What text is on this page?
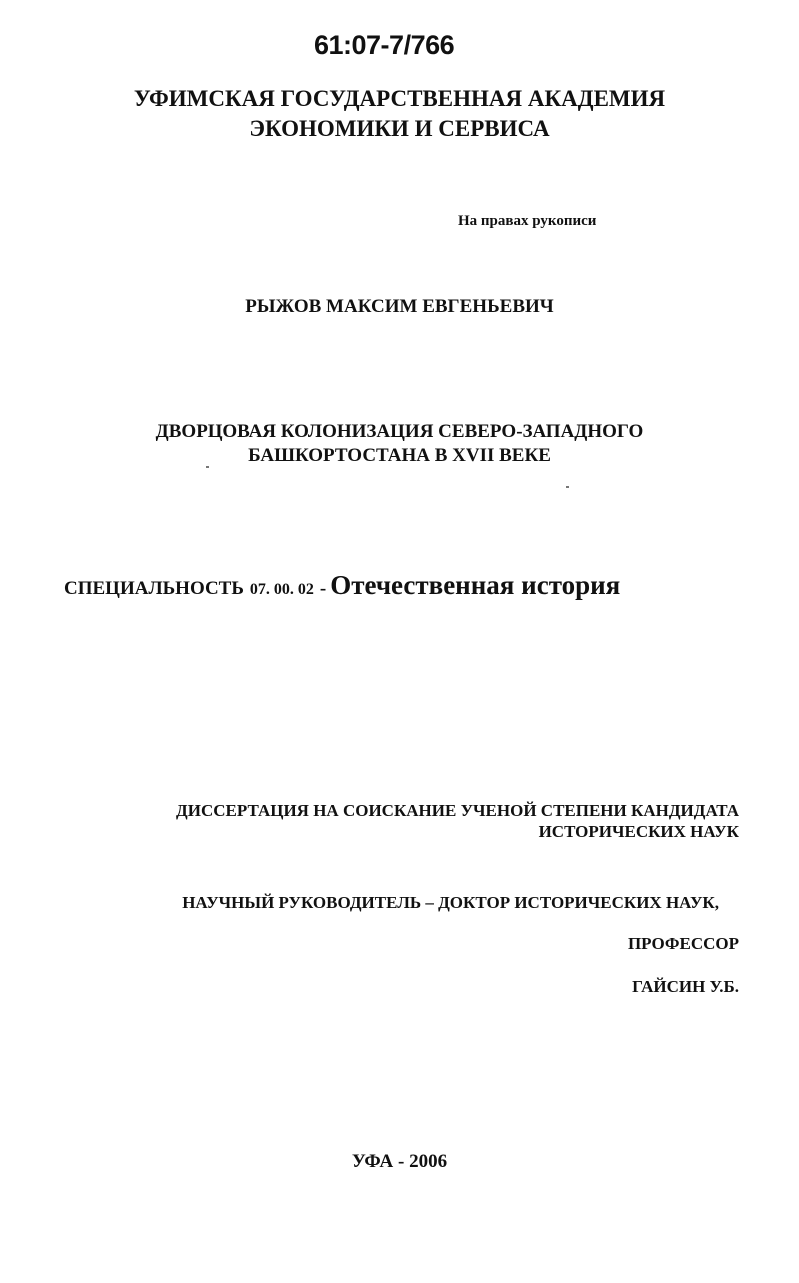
61:07-7/766
УФИМСКАЯ ГОСУДАРСТВЕННАЯ АКАДЕМИЯ
ЭКОНОМИКИ И СЕРВИСА
На правах рукописи
РЫЖОВ МАКСИМ ЕВГЕНЬЕВИЧ
ДВОРЦОВАЯ КОЛОНИЗАЦИЯ СЕВЕРО-ЗАПАДНОГО
БАШКОРТОСТАНА В XVII ВЕКЕ
СПЕЦИАЛЬНОСТЬ 07. 00. 02 - Отечественная история
ДИССЕРТАЦИЯ НА СОИСКАНИЕ УЧЕНОЙ СТЕПЕНИ КАНДИДАТА
ИСТОРИЧЕСКИХ НАУК
НАУЧНЫЙ РУКОВОДИТЕЛЬ – ДОКТОР ИСТОРИЧЕСКИХ НАУК,
ПРОФЕССОР
ГАЙСИН У.Б.
УФА - 2006
